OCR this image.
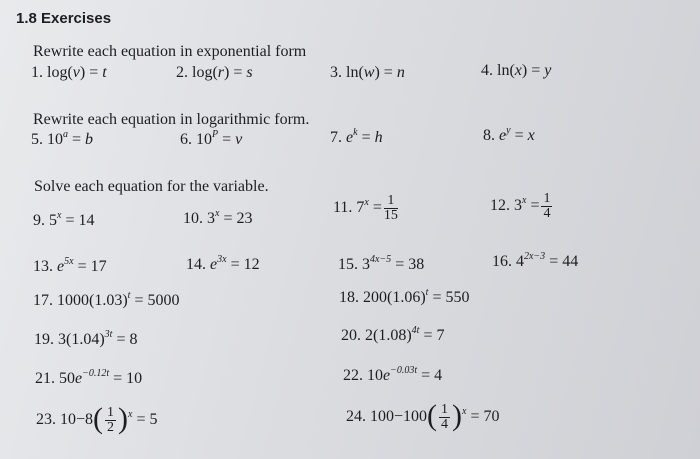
1.8 Exercises
Rewrite each equation in exponential form
1. log(v) = t	2. log(r) = s	3. ln(w) = n	4. ln(x) = y
Rewrite each equation in logarithmic form.
5. $10^a = b$	6. $10^P = v$	7. $e^k = h$	8. $e^y = x$
Solve each equation for the variable.
9. $5^x = 14$	10. $3^x = 23$
11. $7^x = \frac{1}{15}$	12. $3^x = \frac{1}{4}$
13. $e^{5x} = 17$	14. $e^{3x} = 12$	15. $3^{4x-5} = 38$	16. $4^{2x-3} = 44$
17. $1000(1.03)^t = 5000$	18. $200(1.06)^t = 550$
19. $3(1.04)^{3t} = 8$	20. $2(1.08)^{4t} = 7$
21. $50e^{-0.12t} = 10$	22. $10e^{-0.03t} = 4$
23. $10-8( \frac{1}{2} )^x = 5$	24. $100-100( \frac{1}{4} )^x = 70$
